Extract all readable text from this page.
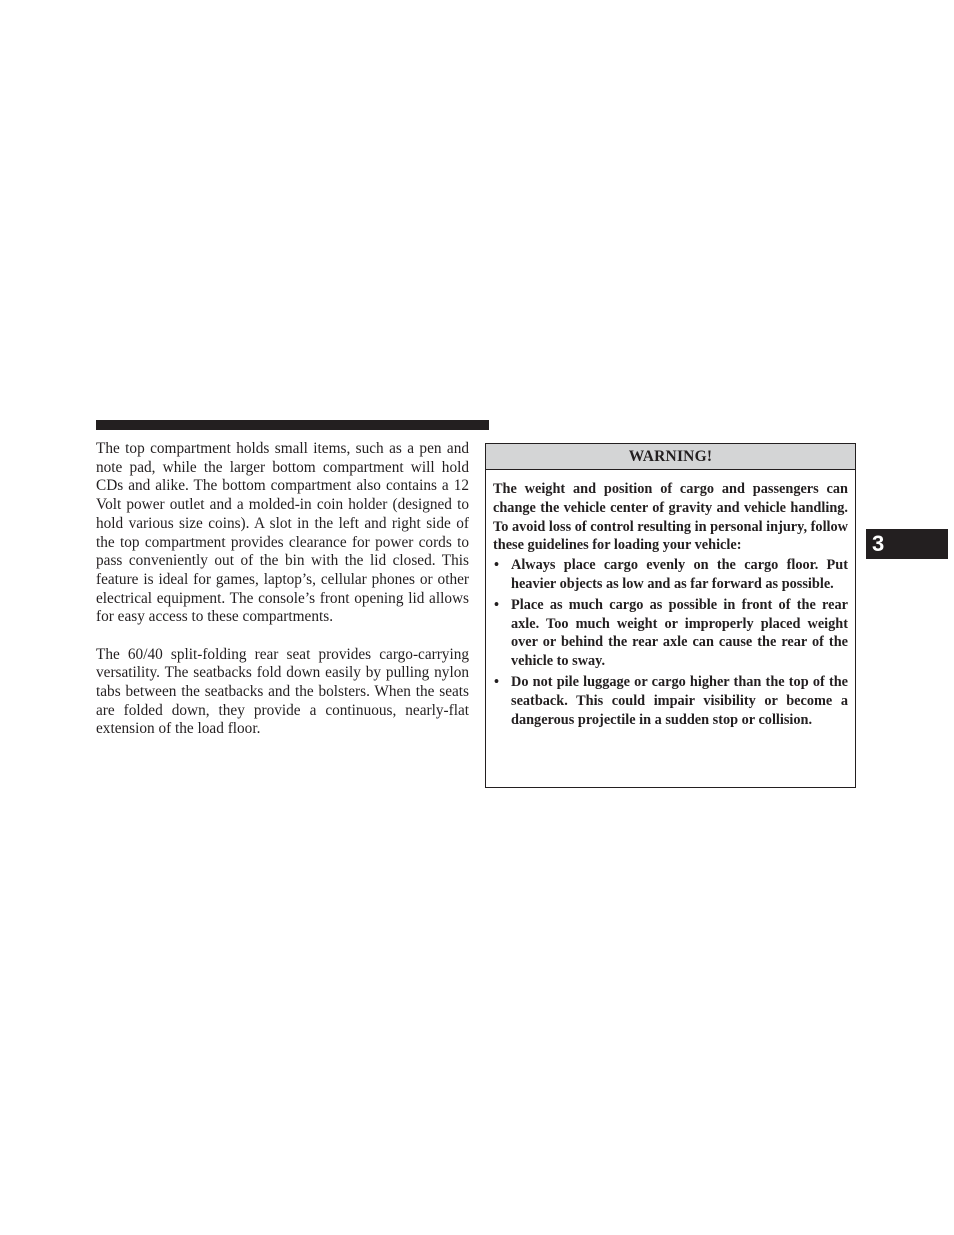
The top compartment holds small items, such as a pen and note pad, while the larger bottom compartment will hold CDs and alike. The bottom compartment also contains a 12 Volt power outlet and a molded-in coin holder (designed to hold various size coins). A slot in the left and right side of the top compartment provides clearance for power cords to pass conveniently out of the bin with the lid closed. This feature is ideal for games, laptop’s, cellular phones or other electrical equipment. The console’s front opening lid allows for easy access to these compartments.

The 60/40 split-folding rear seat provides cargo-carrying versatility. The seatbacks fold down easily by pulling nylon tabs between the seatbacks and the bolsters. When the seats are folded down, they provide a continuous, nearly-flat extension of the load floor.

WARNING!

The weight and position of cargo and passengers can change the vehicle center of gravity and vehicle handling. To avoid loss of control resulting in personal injury, follow these guidelines for loading your vehicle:

• Always place cargo evenly on the cargo floor. Put heavier objects as low and as far forward as possible.
• Place as much cargo as possible in front of the rear axle. Too much weight or improperly placed weight over or behind the rear axle can cause the rear of the vehicle to sway.
• Do not pile luggage or cargo higher than the top of the seatback. This could impair visibility or become a dangerous projectile in a sudden stop or collision.
3
